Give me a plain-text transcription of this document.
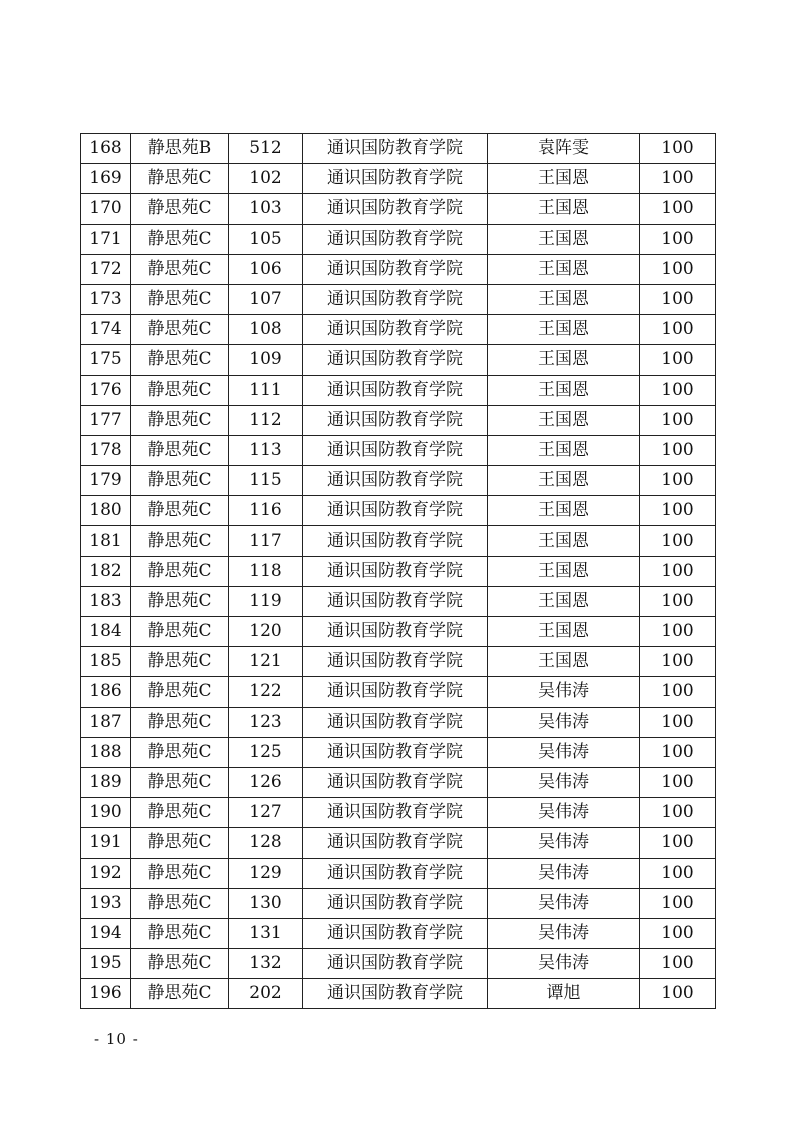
168	静思苑B	512	通识国防教育学院	袁阵雯	100
169	静思苑C	102	通识国防教育学院	王国恩	100
170	静思苑C	103	通识国防教育学院	王国恩	100
171	静思苑C	105	通识国防教育学院	王国恩	100
172	静思苑C	106	通识国防教育学院	王国恩	100
173	静思苑C	107	通识国防教育学院	王国恩	100
174	静思苑C	108	通识国防教育学院	王国恩	100
175	静思苑C	109	通识国防教育学院	王国恩	100
176	静思苑C	111	通识国防教育学院	王国恩	100
177	静思苑C	112	通识国防教育学院	王国恩	100
178	静思苑C	113	通识国防教育学院	王国恩	100
179	静思苑C	115	通识国防教育学院	王国恩	100
180	静思苑C	116	通识国防教育学院	王国恩	100
181	静思苑C	117	通识国防教育学院	王国恩	100
182	静思苑C	118	通识国防教育学院	王国恩	100
183	静思苑C	119	通识国防教育学院	王国恩	100
184	静思苑C	120	通识国防教育学院	王国恩	100
185	静思苑C	121	通识国防教育学院	王国恩	100
186	静思苑C	122	通识国防教育学院	吴伟涛	100
187	静思苑C	123	通识国防教育学院	吴伟涛	100
188	静思苑C	125	通识国防教育学院	吴伟涛	100
189	静思苑C	126	通识国防教育学院	吴伟涛	100
190	静思苑C	127	通识国防教育学院	吴伟涛	100
191	静思苑C	128	通识国防教育学院	吴伟涛	100
192	静思苑C	129	通识国防教育学院	吴伟涛	100
193	静思苑C	130	通识国防教育学院	吴伟涛	100
194	静思苑C	131	通识国防教育学院	吴伟涛	100
195	静思苑C	132	通识国防教育学院	吴伟涛	100
196	静思苑C	202	通识国防教育学院	谭旭	100
- 10 -
